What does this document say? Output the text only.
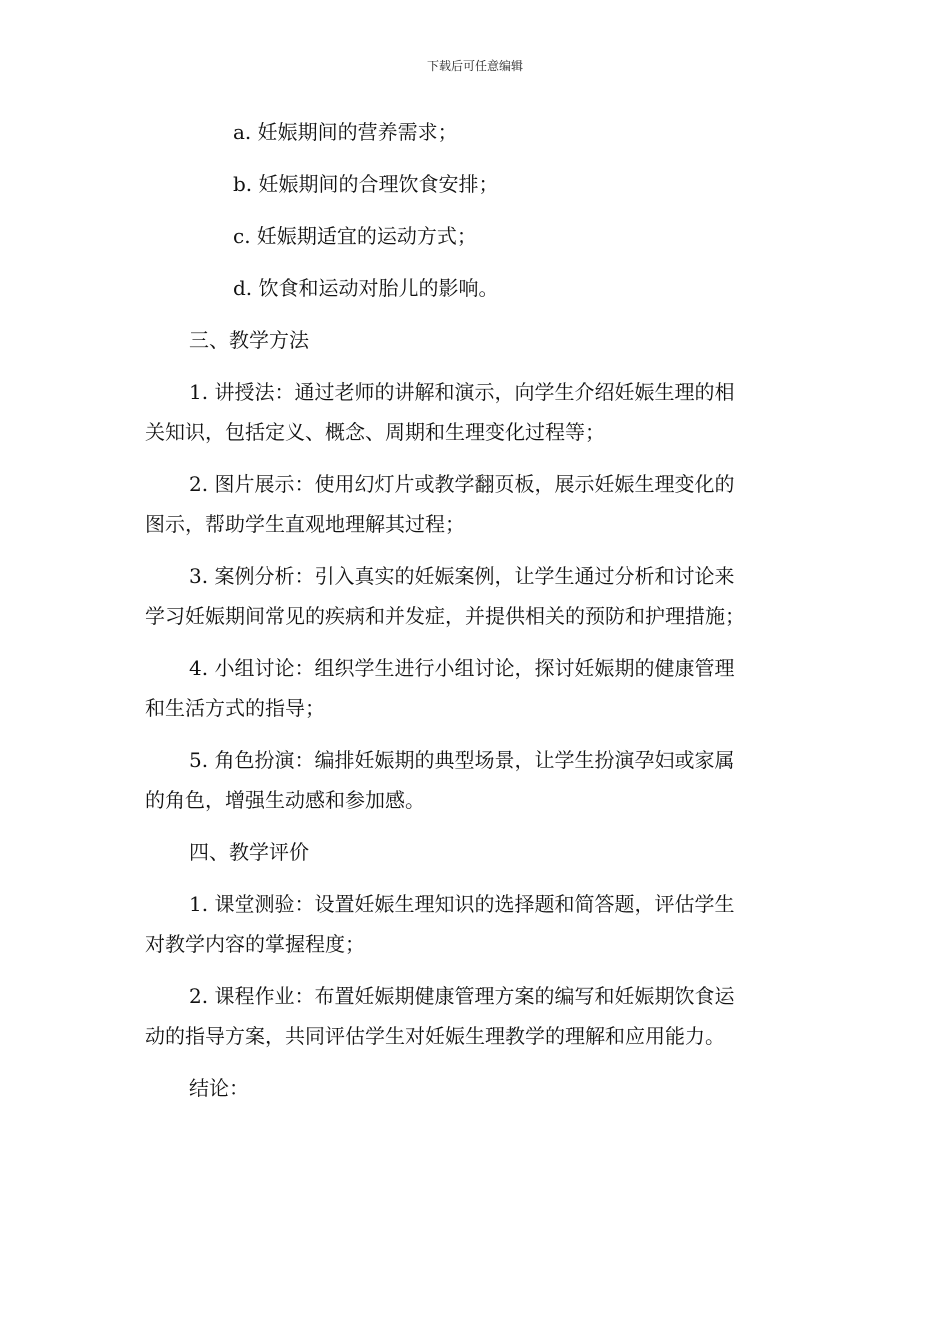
下载后可任意编辑

a. 妊娠期间的营养需求；

b. 妊娠期间的合理饮食安排；

c. 妊娠期适宜的运动方式；

d. 饮食和运动对胎儿的影响。

三、教学方法

1. 讲授法：通过老师的讲解和演示，向学生介绍妊娠生理的相
关知识，包括定义、概念、周期和生理变化过程等；

2. 图片展示：使用幻灯片或教学翻页板，展示妊娠生理变化的
图示，帮助学生直观地理解其过程；

3. 案例分析：引入真实的妊娠案例，让学生通过分析和讨论来
学习妊娠期间常见的疾病和并发症，并提供相关的预防和护理措施；

4. 小组讨论：组织学生进行小组讨论，探讨妊娠期的健康管理
和生活方式的指导；

5. 角色扮演：编排妊娠期的典型场景，让学生扮演孕妇或家属
的角色，增强生动感和参加感。

四、教学评价

1. 课堂测验：设置妊娠生理知识的选择题和简答题，评估学生
对教学内容的掌握程度；

2. 课程作业：布置妊娠期健康管理方案的编写和妊娠期饮食运
动的指导方案，共同评估学生对妊娠生理教学的理解和应用能力。

结论：
